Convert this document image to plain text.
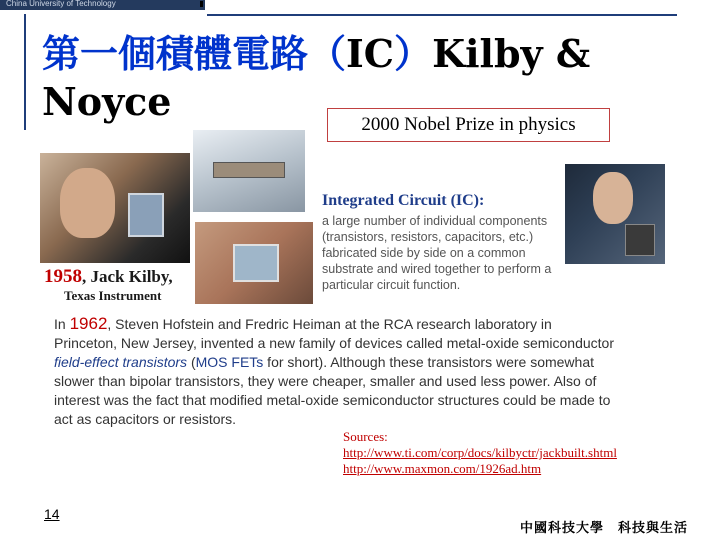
China University of Technology
第一個積體電路（IC）Kilby &
Noyce
2000 Nobel Prize in physics
1958, Jack Kilby,
Texas Instrument
Integrated Circuit (IC):
a large number of individual components
(transistors, resistors, capacitors, etc.)
fabricated side by side on a common
substrate and wired together to perform a
particular circuit function.
In 1962, Steven Hofstein and Fredric Heiman at the RCA research laboratory in
Princeton, New Jersey, invented a new family of devices called metal-oxide semiconductor
field-effect transistors (MOS FETs for short). Although these transistors were somewhat
slower than bipolar transistors, they were cheaper, smaller and used less power. Also of
interest was the fact that modified metal-oxide semiconductor structures could be made to
act as capacitors or resistors.
Sources:
http://www.ti.com/corp/docs/kilbyctr/jackbuilt.shtml
http://www.maxmon.com/1926ad.htm
14
中國科技大學　科技與生活
